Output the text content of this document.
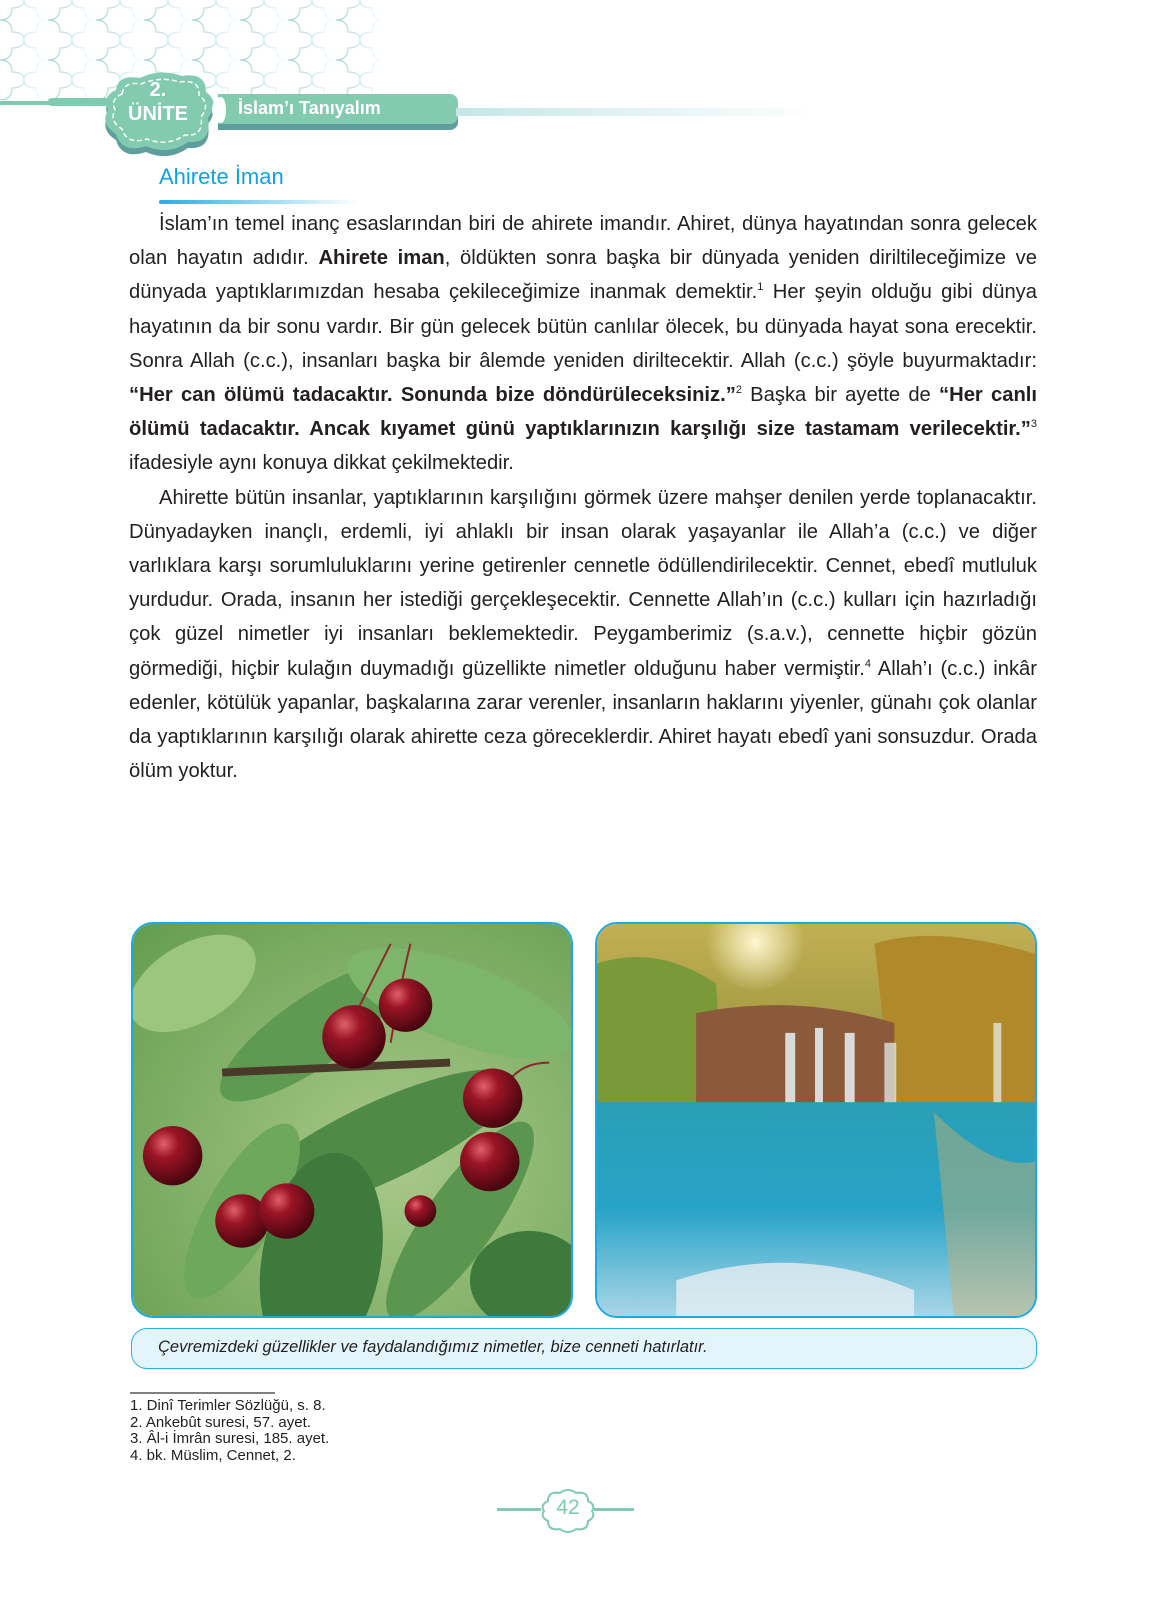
2.
ÜNİTE	İslam’ı Tanıyalım
Ahirete İman

İslam’ın temel inanç esaslarından biri de ahirete imandır. Ahiret, dünya hayatından sonra gelecek olan hayatın adıdır. Ahirete iman, öldükten sonra başka bir dünyada yeniden diriltileceğimize ve dünyada yaptıklarımızdan hesaba çekileceğimize inanmak demektir.$^1$ Her şeyin olduğu gibi dünya hayatının da bir sonu vardır. Bir gün gelecek bütün canlılar ölecek, bu dünyada hayat sona erecektir. Sonra Allah (c.c.), insanları başka bir âlemde yeniden diriltecektir. Allah (c.c.) şöyle buyurmaktadır: “Her can ölümü tadacaktır. Sonunda bize döndürüleceksiniz.”$^2$ Başka bir ayette de “Her canlı ölümü tadacaktır. Ancak kıyamet günü yaptıklarınızın karşılığı size tastamam verilecektir.”$^3$ ifadesiyle aynı konuya dikkat çekilmektedir.

Ahirette bütün insanlar, yaptıklarının karşılığını görmek üzere mahşer denilen yerde toplanacaktır. Dünyadayken inançlı, erdemli, iyi ahlaklı bir insan olarak yaşayanlar ile Allah’a (c.c.) ve diğer varlıklara karşı sorumluluklarını yerine getirenler cennetle ödüllendirilecektir. Cennet, ebedî mutluluk yurdudur. Orada, insanın her istediği gerçekleşecektir. Cennette Allah’ın (c.c.) kulları için hazırladığı çok güzel nimetler iyi insanları beklemektedir. Peygamberimiz (s.a.v.), cennette hiçbir gözün görmediği, hiçbir kulağın duymadığı güzellikte nimetler olduğunu haber vermiştir.$^4$ Allah’ı (c.c.) inkâr edenler, kötülük yapanlar, başkalarına zarar verenler, insanların haklarını yiyenler, günahı çok olanlar da yaptıklarının karşılığı olarak ahirette ceza göreceklerdir. Ahiret hayatı ebedî yani sonsuzdur. Orada ölüm yoktur.

Çevremizdeki güzellikler ve faydalandığımız nimetler, bize cenneti hatırlatır.
1. Dinî Terimler Sözlüğü, s. 8.
2. Ankebût suresi, 57. ayet.
3. Âl-i İmrân suresi, 185. ayet.
4. bk. Müslim, Cennet, 2.
42
